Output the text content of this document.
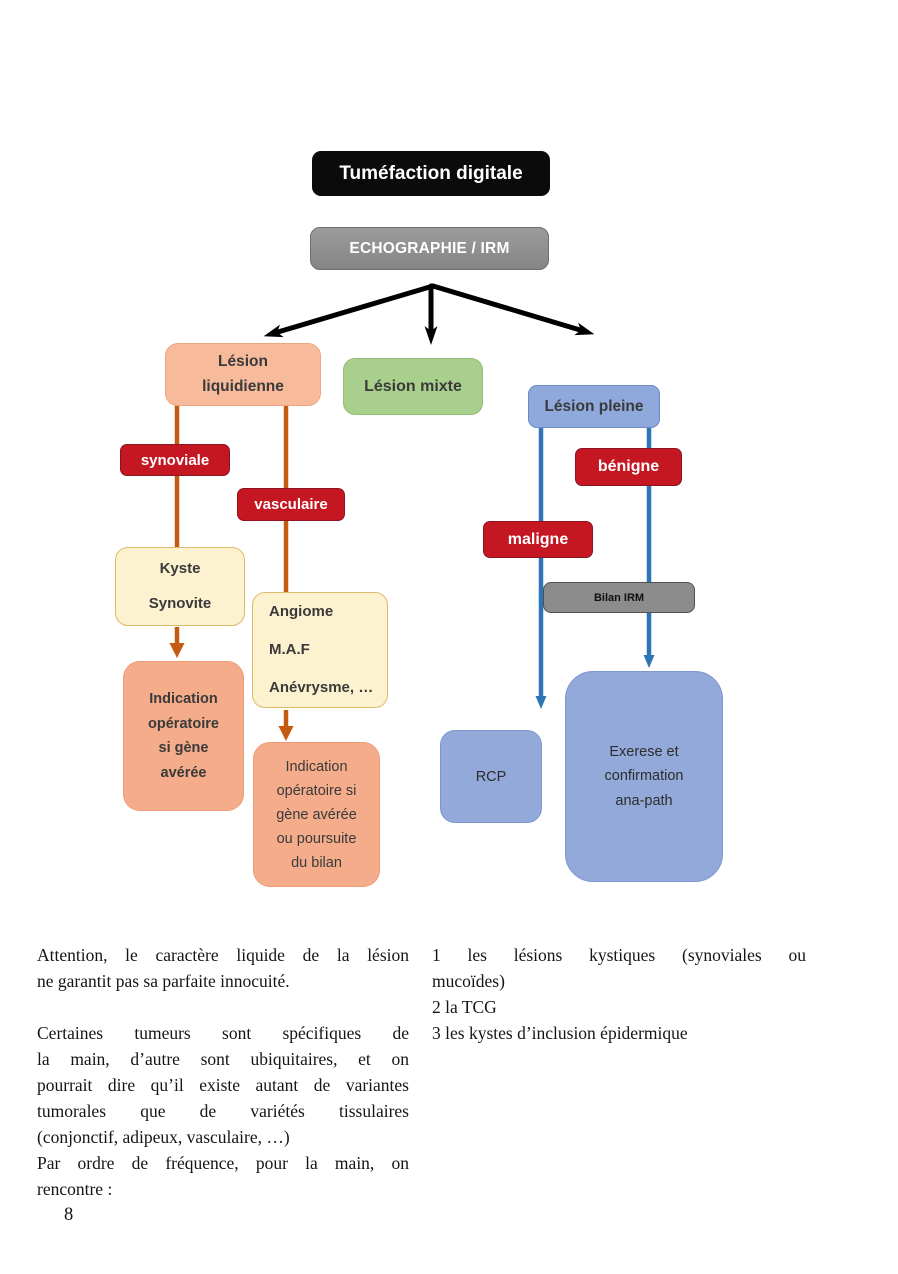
Tuméfaction digitale
ECHOGRAPHIE / IRM
Lésion liquidienne	Lésion mixte
Lésion pleine
synoviale
vasculaire
bénigne
maligne
Kyste
Synovite	Angiome
M.A.F
Anévrysme, …
Indication
opératoire
si gène
avérée	Indication
opératoire si
gène avérée
ou poursuite
du bilan
Bilan IRM
RCP
Exerese et
confirmation
ana-path
Attention, le caractère liquide de la lésion
ne garantit pas sa parfaite innocuité.
Certaines tumeurs sont spécifiques de
la main, d’autre sont ubiquitaires, et on
pourrait dire qu’il existe autant de variantes
tumorales que de variétés tissulaires
(conjonctif, adipeux, vasculaire, …)
Par ordre de fréquence, pour la main, on
rencontre :
1 les lésions kystiques (synoviales ou
mucoïdes)
2 la TCG
3 les kystes d’inclusion épidermique
8
